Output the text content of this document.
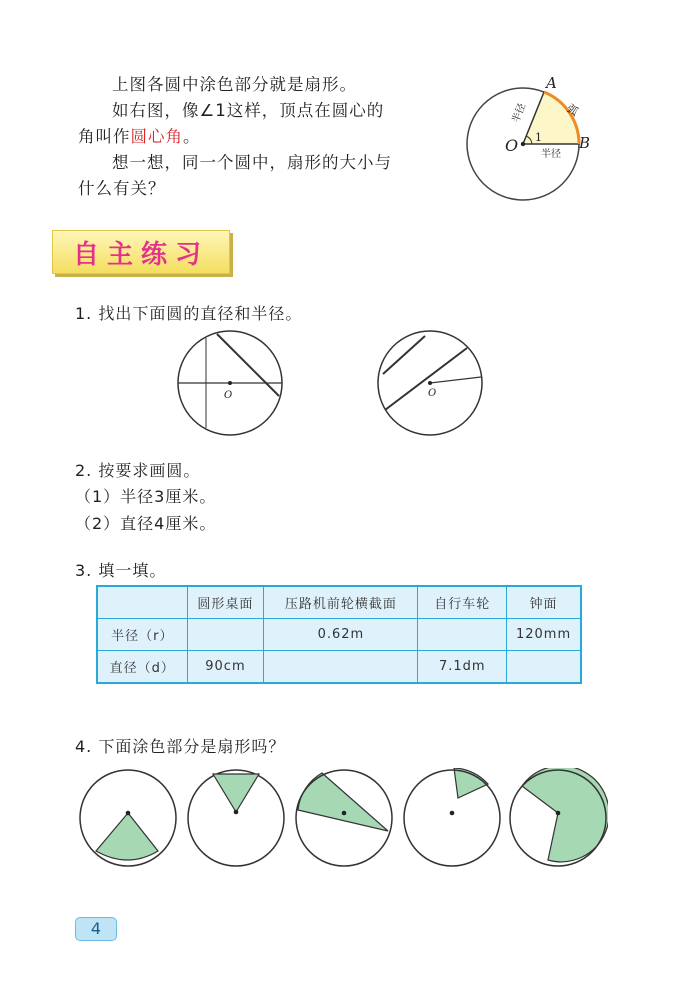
上图各圆中涂色部分就是扇形。
如右图，像∠1这样，顶点在圆心的
角叫作圆心角。
想一想，同一个圆中，扇形的大小与
什么有关？
A
B
O 1
弧
半径
半径
自主练习
1. 找出下面圆的直径和半径。
O	O
2. 按要求画圆。
（1）半径3厘米。
（2）直径4厘米。
3. 填一填。
	圆形桌面	压路机前轮横截面	自行车轮	钟面
半径（r）		0.62m		120mm
直径（d）	90cm		7.1dm	
4. 下面涂色部分是扇形吗？
4
